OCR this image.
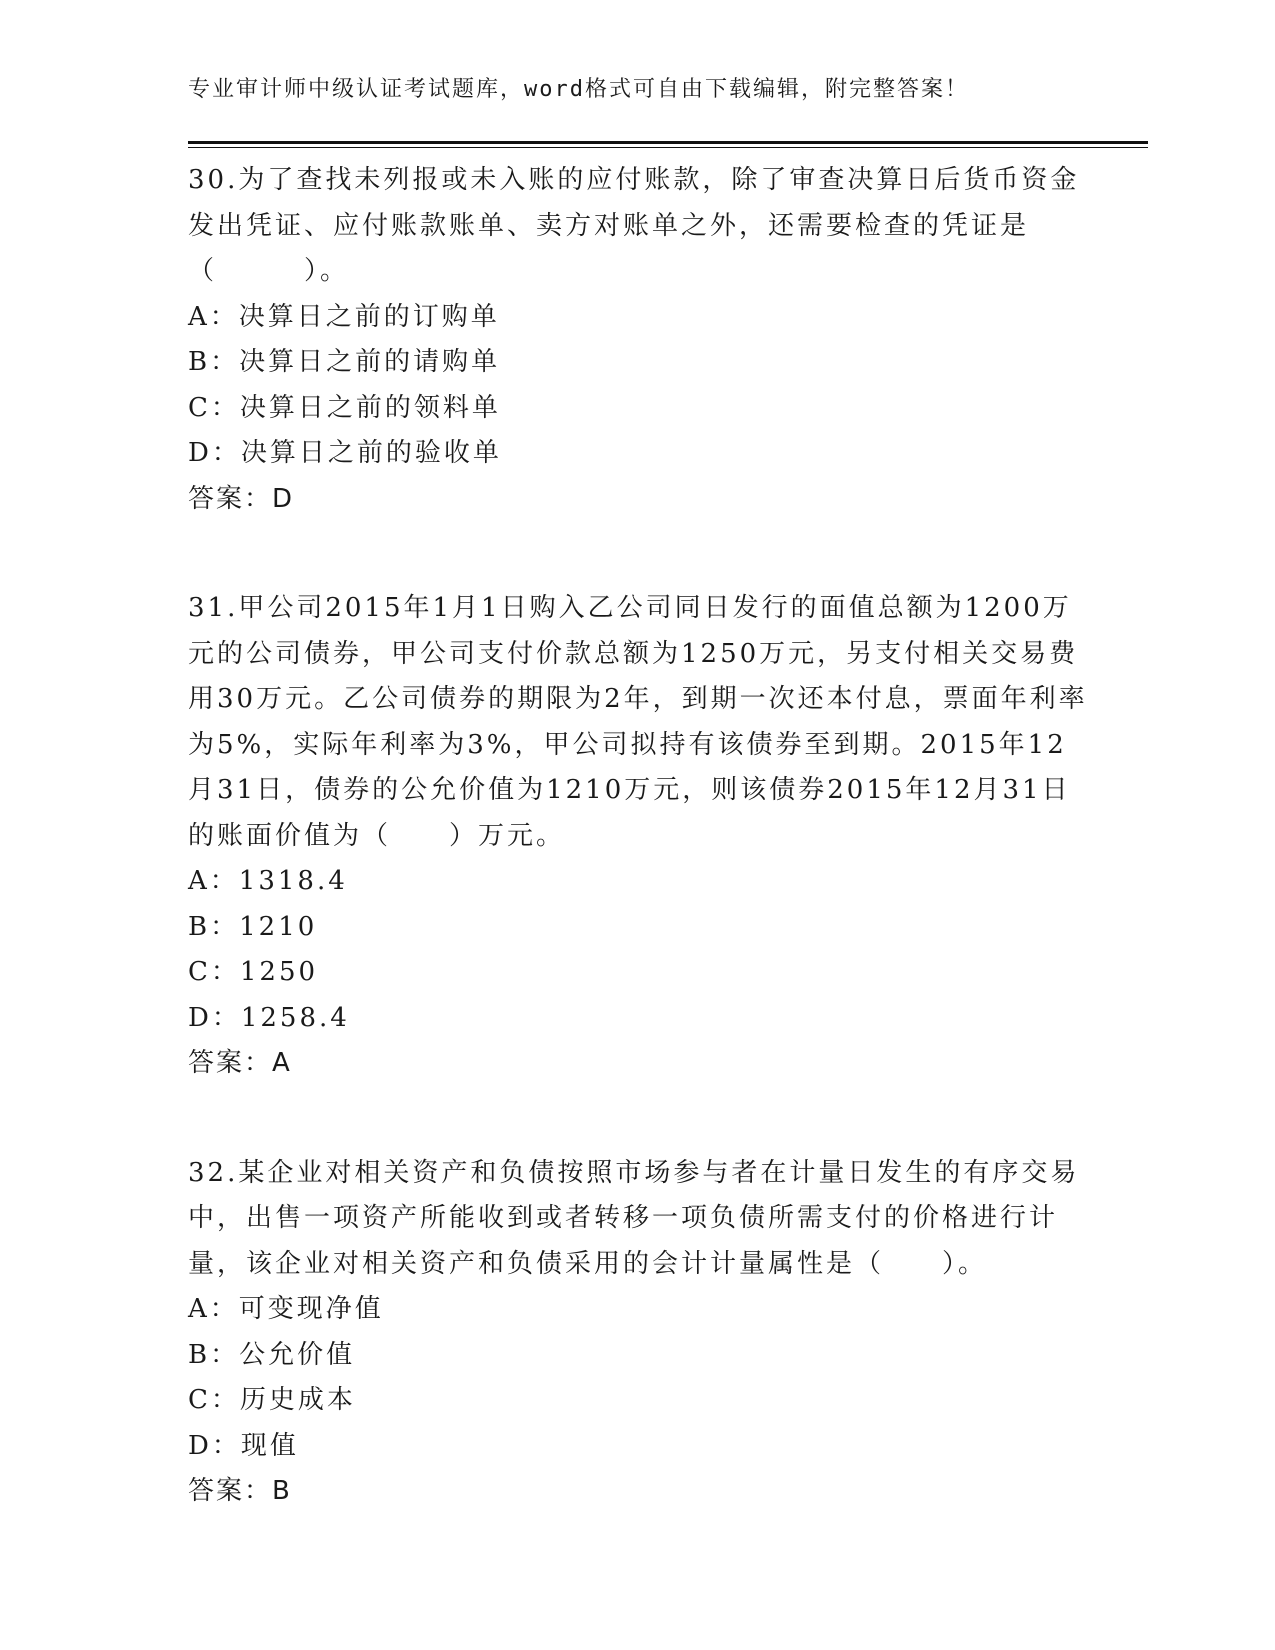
专业审计师中级认证考试题库，word格式可自由下载编辑，附完整答案！

30.为了查找未列报或未入账的应付账款，除了审查决算日后货币资金发出凭证、应付账款账单、卖方对账单之外，还需要检查的凭证是（　　　）。

A：决算日之前的订购单

B：决算日之前的请购单

C：决算日之前的领料单

D：决算日之前的验收单

答案：D

31.甲公司2015年1月1日购入乙公司同日发行的面值总额为1200万元的公司债券，甲公司支付价款总额为1250万元，另支付相关交易费用30万元。乙公司债券的期限为2年，到期一次还本付息，票面年利率为5%，实际年利率为3%，甲公司拟持有该债券至到期。2015年12月31日，债券的公允价值为1210万元，则该债券2015年12月31日的账面价值为（　　）万元。

A：1318.4

B：1210

C：1250

D：1258.4

答案：A

32.某企业对相关资产和负债按照市场参与者在计量日发生的有序交易中，出售一项资产所能收到或者转移一项负债所需支付的价格进行计量，该企业对相关资产和负债采用的会计计量属性是（　　）。

A：可变现净值

B：公允价值

C：历史成本

D：现值

答案：B
